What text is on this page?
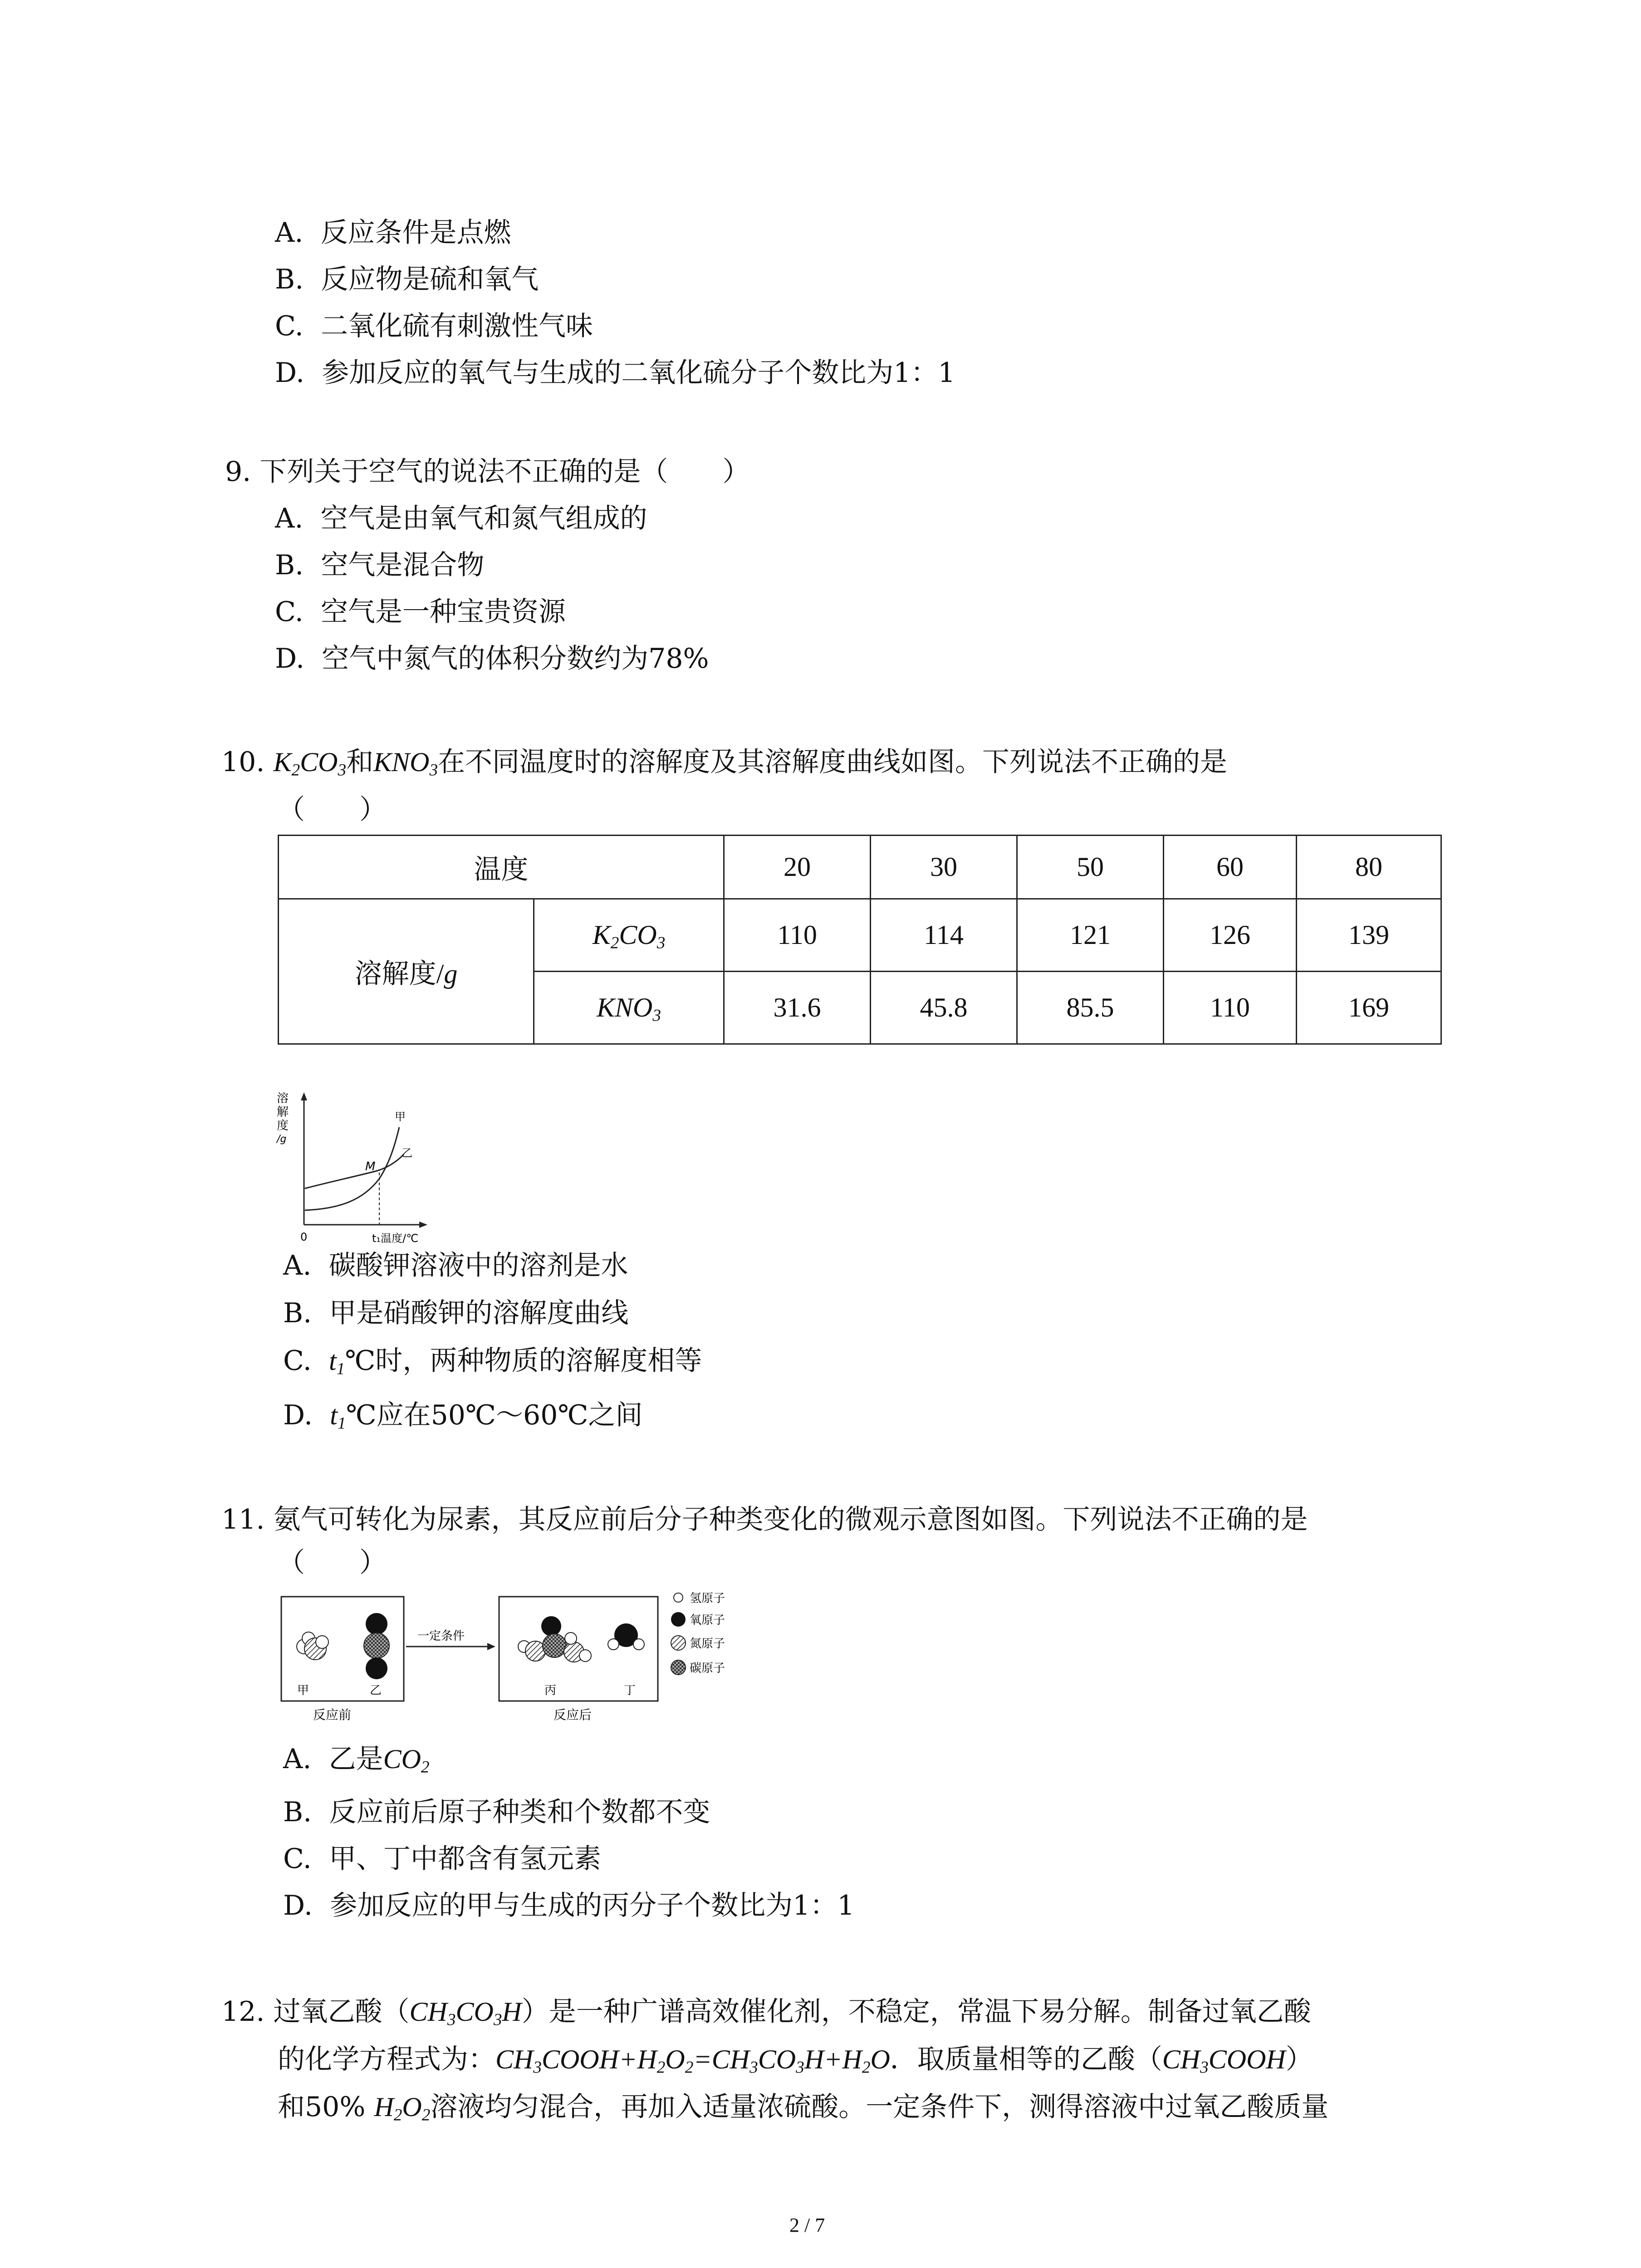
A. 反应条件是点燃
B. 反应物是硫和氧气
C. 二氧化硫有刺激性气味
D. 参加反应的氧气与生成的二氧化硫分子个数比为1：1
9. 下列关于空气的说法不正确的是（　　）
A. 空气是由氧气和氮气组成的
B. 空气是混合物
C. 空气是一种宝贵资源
D. 空气中氮气的体积分数约为78%
10. $K_2CO_3$和$KNO_3$在不同温度时的溶解度及其溶解度曲线如图。下列说法不正确的是
（　　）
温度		20	30	50	60	80
溶解度/g	$K_2CO_3$	110	114	121	126	139
	$KNO_3$	31.6	45.8	85.5	110	169
溶
解
度
/g
M
甲
乙
0	t₁温度/℃
A. 碳酸钾溶液中的溶剂是水
B. 甲是硝酸钾的溶解度曲线
C. $t_1℃$时，两种物质的溶解度相等
D. $t_1℃$应在50℃～60℃之间
11. 氨气可转化为尿素，其反应前后分子种类变化的微观示意图如图。下列说法不正确的是
（　　）
甲	乙
反应前
一定条件
丙	丁
反应后
氢原子
氧原子
氮原子
碳原子
A. 乙是$CO_2$
B. 反应前后原子种类和个数都不变
C. 甲、丁中都含有氢元素
D. 参加反应的甲与生成的丙分子个数比为1：1
12. 过氧乙酸$(CH_3CO_3H)$是一种广谱高效催化剂，不稳定，常温下易分解。制备过氧乙酸
的化学方程式为：$CH_3COOH+H_2O_2=CH_3CO_3H+H_2O$．取质量相等的乙酸$(CH_3COOH)$
和50% $H_2O_2$溶液均匀混合，再加入适量浓硫酸。一定条件下，测得溶液中过氧乙酸质量
2 / 7
